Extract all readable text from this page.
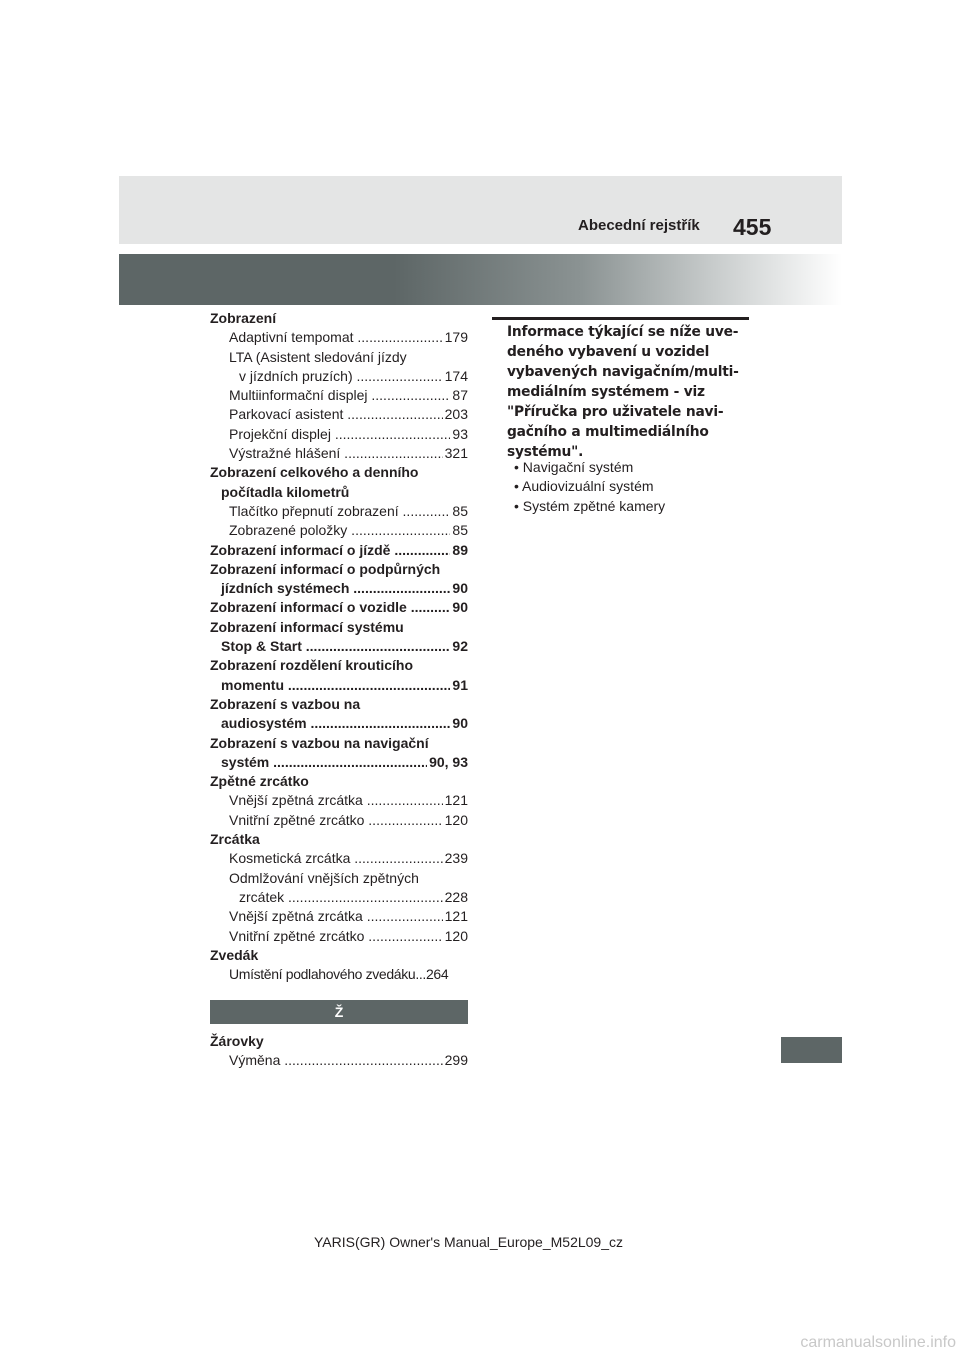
Abecední rejstřík 455
Zobrazení
Adaptivní tempomat .....	179
LTA (Asistent sledování jízdy
v jízdních pruzích) .....	174
Multiinformační displej .....	87
Parkovací asistent .....	203
Projekční displej .....	93
Výstražné hlášení .....	321
Zobrazení celkového a denního
počítadla kilometrů
Tlačítko přepnutí zobrazení .....	85
Zobrazené položky .....	85
Zobrazení informací o jízdě .....	89
Zobrazení informací o podpůrných
jízdních systémech .....	90
Zobrazení informací o vozidle .....	90
Zobrazení informací systému
Stop & Start .....	92
Zobrazení rozdělení krouticího
momentu .....	91
Zobrazení s vazbou na
audiosystém .....	90
Zobrazení s vazbou na navigační
systém .....	90, 93
Zpětné zrcátko
Vnější zpětná zrcátka .....	121
Vnitřní zpětné zrcátko .....	120
Zrcátka
Kosmetická zrcátka .....	239
Odmlžování vnějších zpětných
zrcátek .....	228
Vnější zpětná zrcátka .....	121
Vnitřní zpětné zrcátko .....	120
Zvedák
Umístění podlahového zvedáku...264
Ž
Žárovky
Výměna .....	299
Informace týkající se níže uve-
deného vybavení u vozidel
vybavených navigačním/multi-
mediálním systémem - viz
"Příručka pro uživatele navi-
gačního a multimediálního
systému".
• Navigační systém
• Audiovizuální systém
• Systém zpětné kamery
YARIS(GR) Owner's Manual_Europe_M52L09_cz
carmanualsonline.info
